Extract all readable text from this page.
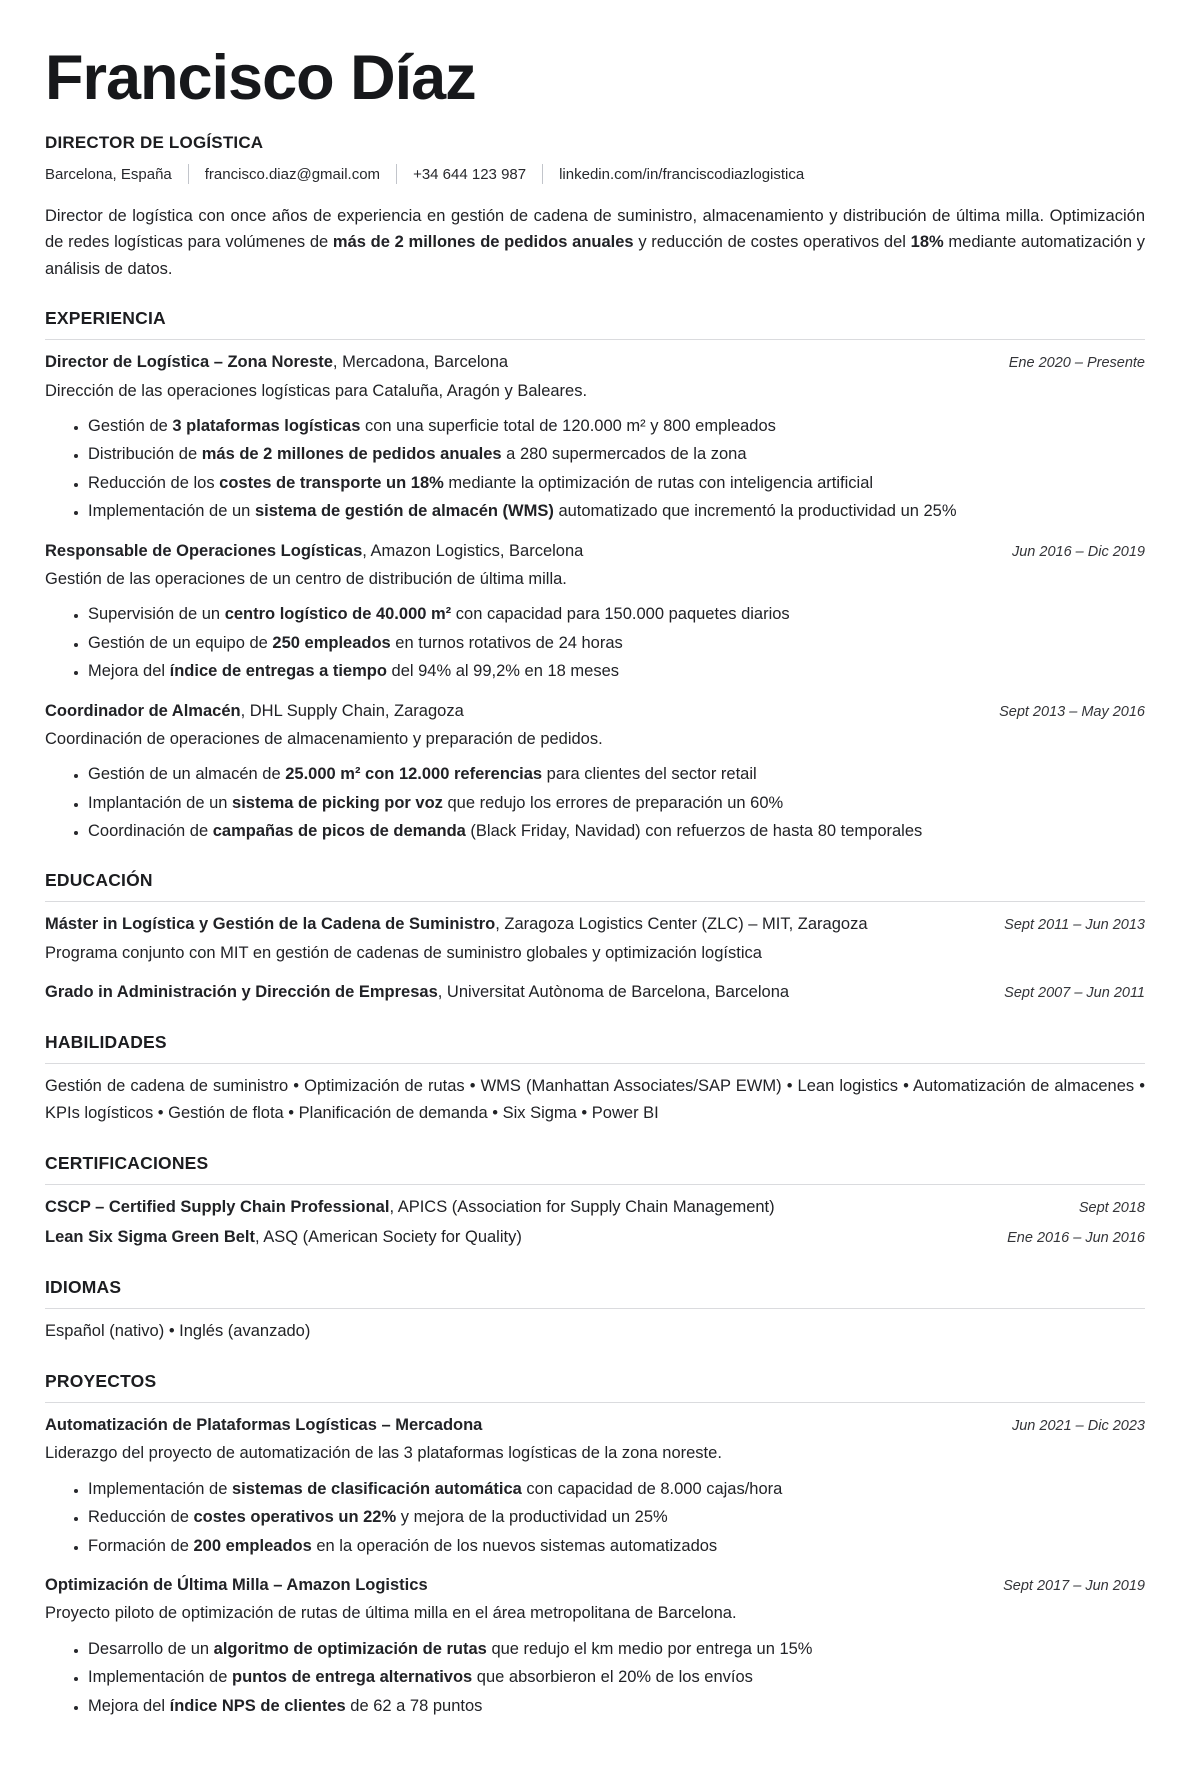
Francisco Díaz
DIRECTOR DE LOGÍSTICA
Barcelona, España francisco.diaz@gmail.com +34 644 123 987 linkedin.com/in/franciscodiazlogistica

Director de logística con once años de experiencia en gestión de cadena de suministro, almacenamiento y distribución de última milla. Optimización de redes logísticas para volúmenes de más de 2 millones de pedidos anuales y reducción de costes operativos del 18% mediante automatización y análisis de datos.

EXPERIENCIA
Director de Logística – Zona Noreste, Mercadona, Barcelona	Ene 2020 – Presente

Dirección de las operaciones logísticas para Cataluña, Aragón y Baleares.

• Gestión de 3 plataformas logísticas con una superficie total de 120.000 m² y 800 empleados
• Distribución de más de 2 millones de pedidos anuales a 280 supermercados de la zona
• Reducción de los costes de transporte un 18% mediante la optimización de rutas con inteligencia artificial
• Implementación de un sistema de gestión de almacén (WMS) automatizado que incrementó la productividad un 25%
Responsable de Operaciones Logísticas, Amazon Logistics, Barcelona	Jun 2016 – Dic 2019

Gestión de las operaciones de un centro de distribución de última milla.

• Supervisión de un centro logístico de 40.000 m² con capacidad para 150.000 paquetes diarios
• Gestión de un equipo de 250 empleados en turnos rotativos de 24 horas
• Mejora del índice de entregas a tiempo del 94% al 99,2% en 18 meses
Coordinador de Almacén, DHL Supply Chain, Zaragoza	Sept 2013 – May 2016

Coordinación de operaciones de almacenamiento y preparación de pedidos.

• Gestión de un almacén de 25.000 m² con 12.000 referencias para clientes del sector retail
• Implantación de un sistema de picking por voz que redujo los errores de preparación un 60%
• Coordinación de campañas de picos de demanda (Black Friday, Navidad) con refuerzos de hasta 80 temporales
EDUCACIÓN
Máster in Logística y Gestión de la Cadena de Suministro, Zaragoza Logistics Center (ZLC) – MIT, Zaragoza	Sept 2011 – Jun 2013

Programa conjunto con MIT en gestión de cadenas de suministro globales y optimización logística

Grado in Administración y Dirección de Empresas, Universitat Autònoma de Barcelona, Barcelona	Sept 2007 – Jun 2011
HABILIDADES

Gestión de cadena de suministro • Optimización de rutas • WMS (Manhattan Associates/SAP EWM) • Lean logistics • Automatización de almacenes • KPIs logísticos • Gestión de flota • Planificación de demanda • Six Sigma • Power BI

CERTIFICACIONES
CSCP – Certified Supply Chain Professional, APICS (Association for Supply Chain Management)	Sept 2018
Lean Six Sigma Green Belt, ASQ (American Society for Quality)	Ene 2016 – Jun 2016
IDIOMAS

Español (nativo) • Inglés (avanzado)

PROYECTOS
Automatización de Plataformas Logísticas – Mercadona	Jun 2021 – Dic 2023

Liderazgo del proyecto de automatización de las 3 plataformas logísticas de la zona noreste.

• Implementación de sistemas de clasificación automática con capacidad de 8.000 cajas/hora
• Reducción de costes operativos un 22% y mejora de la productividad un 25%
• Formación de 200 empleados en la operación de los nuevos sistemas automatizados
Optimización de Última Milla – Amazon Logistics	Sept 2017 – Jun 2019

Proyecto piloto de optimización de rutas de última milla en el área metropolitana de Barcelona.

• Desarrollo de un algoritmo de optimización de rutas que redujo el km medio por entrega un 15%
• Implementación de puntos de entrega alternativos que absorbieron el 20% de los envíos
• Mejora del índice NPS de clientes de 62 a 78 puntos
